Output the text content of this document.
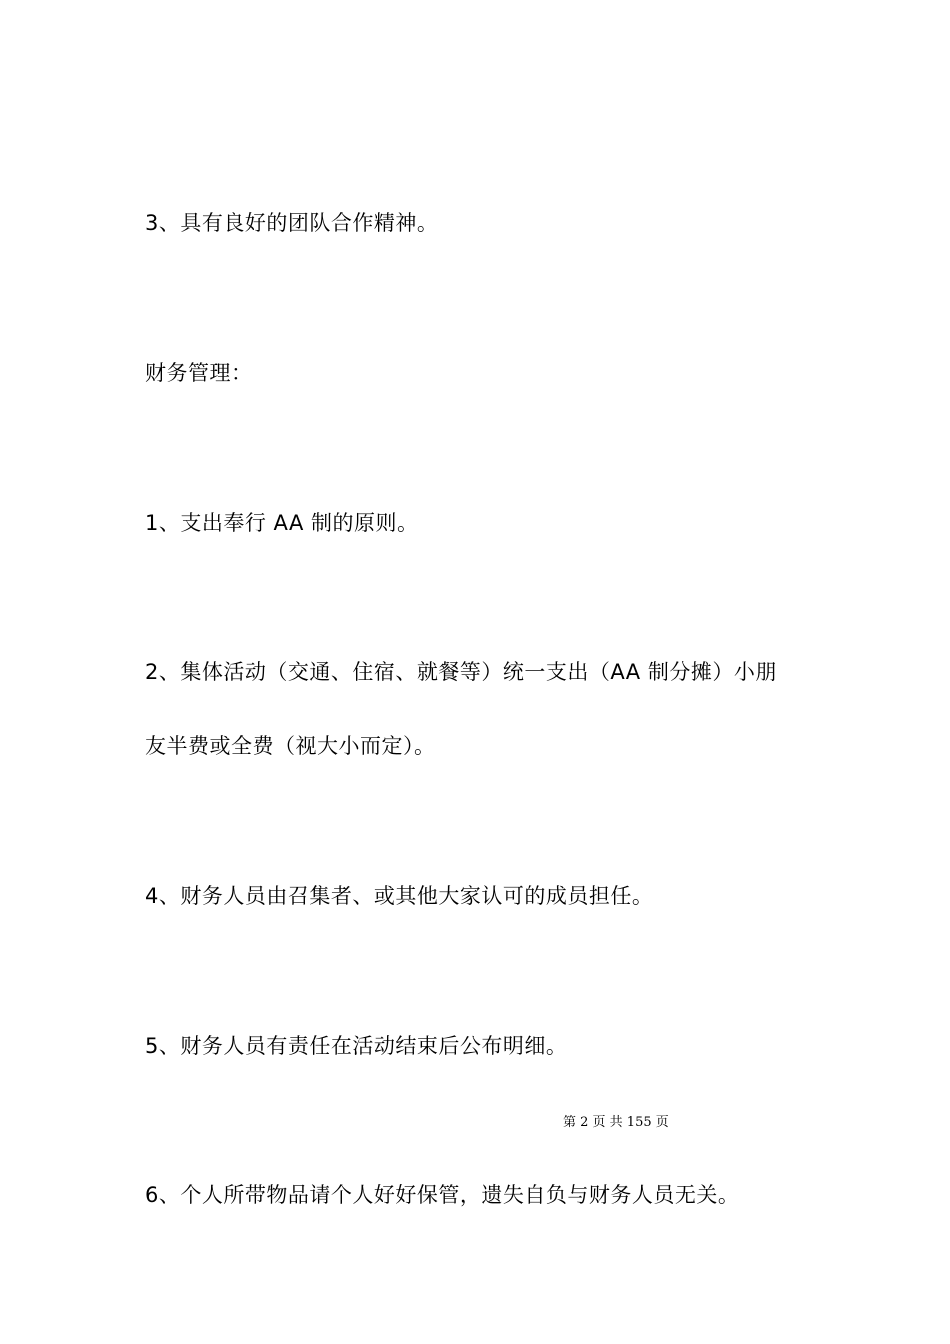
3、具有良好的团队合作精神。
财务管理：
1、支出奉行 AA 制的原则。
2、集体活动（交通、住宿、就餐等）统一支出（AA 制分摊）小朋
友半费或全费（视大小而定）。
4、财务人员由召集者、或其他大家认可的成员担任。
5、财务人员有责任在活动结束后公布明细。
第 2 页 共 155 页
6、个人所带物品请个人好好保管，遗失自负与财务人员无关。
